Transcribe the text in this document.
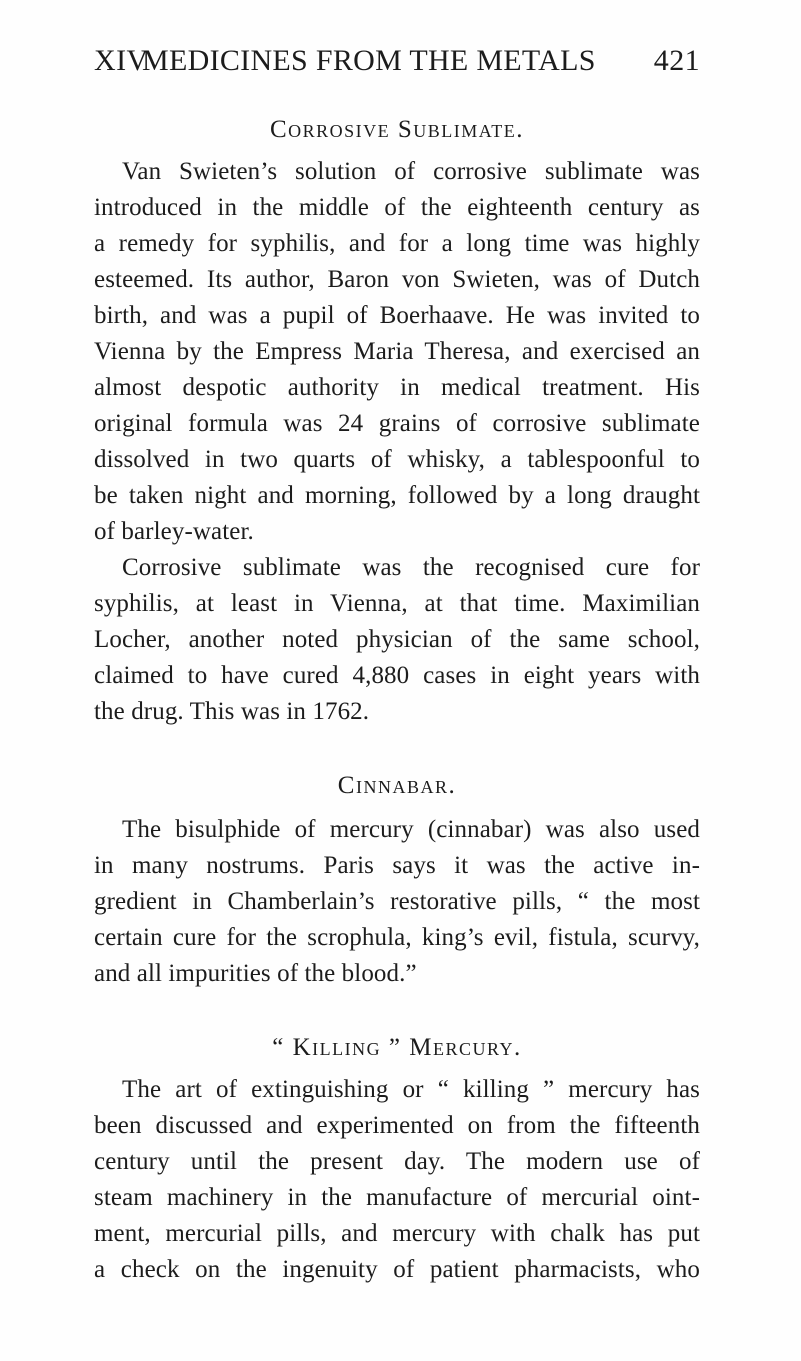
XIV
MEDICINES FROM THE METALS 421
Corrosive Sublimate.
Van Swieten’s solution of corrosive sublimate was
introduced in the middle of the eighteenth century as
a remedy for syphilis, and for a long time was highly
esteemed. Its author, Baron von Swieten, was of Dutch
birth, and was a pupil of Boerhaave. He was invited to
Vienna by the Empress Maria Theresa, and exercised an
almost despotic authority in medical treatment. His
original formula was 24 grains of corrosive sublimate
dissolved in two quarts of whisky, a tablespoonful to
be taken night and morning, followed by a long draught
of barley-water.
Corrosive sublimate was the recognised cure for
syphilis, at least in Vienna, at that time. Maximilian
Locher, another noted physician of the same school,
claimed to have cured 4,880 cases in eight years with
the drug. This was in 1762.
Cinnabar.
The bisulphide of mercury (cinnabar) was also used
in many nostrums. Paris says it was the active in-
gredient in Chamberlain’s restorative pills, “ the most
certain cure for the scrophula, king’s evil, fistula, scurvy,
and all impurities of the blood.”
“ Killing ” Mercury.
The art of extinguishing or “ killing ” mercury has
been discussed and experimented on from the fifteenth
century until the present day. The modern use of
steam machinery in the manufacture of mercurial oint-
ment, mercurial pills, and mercury with chalk has put
a check on the ingenuity of patient pharmacists, who
